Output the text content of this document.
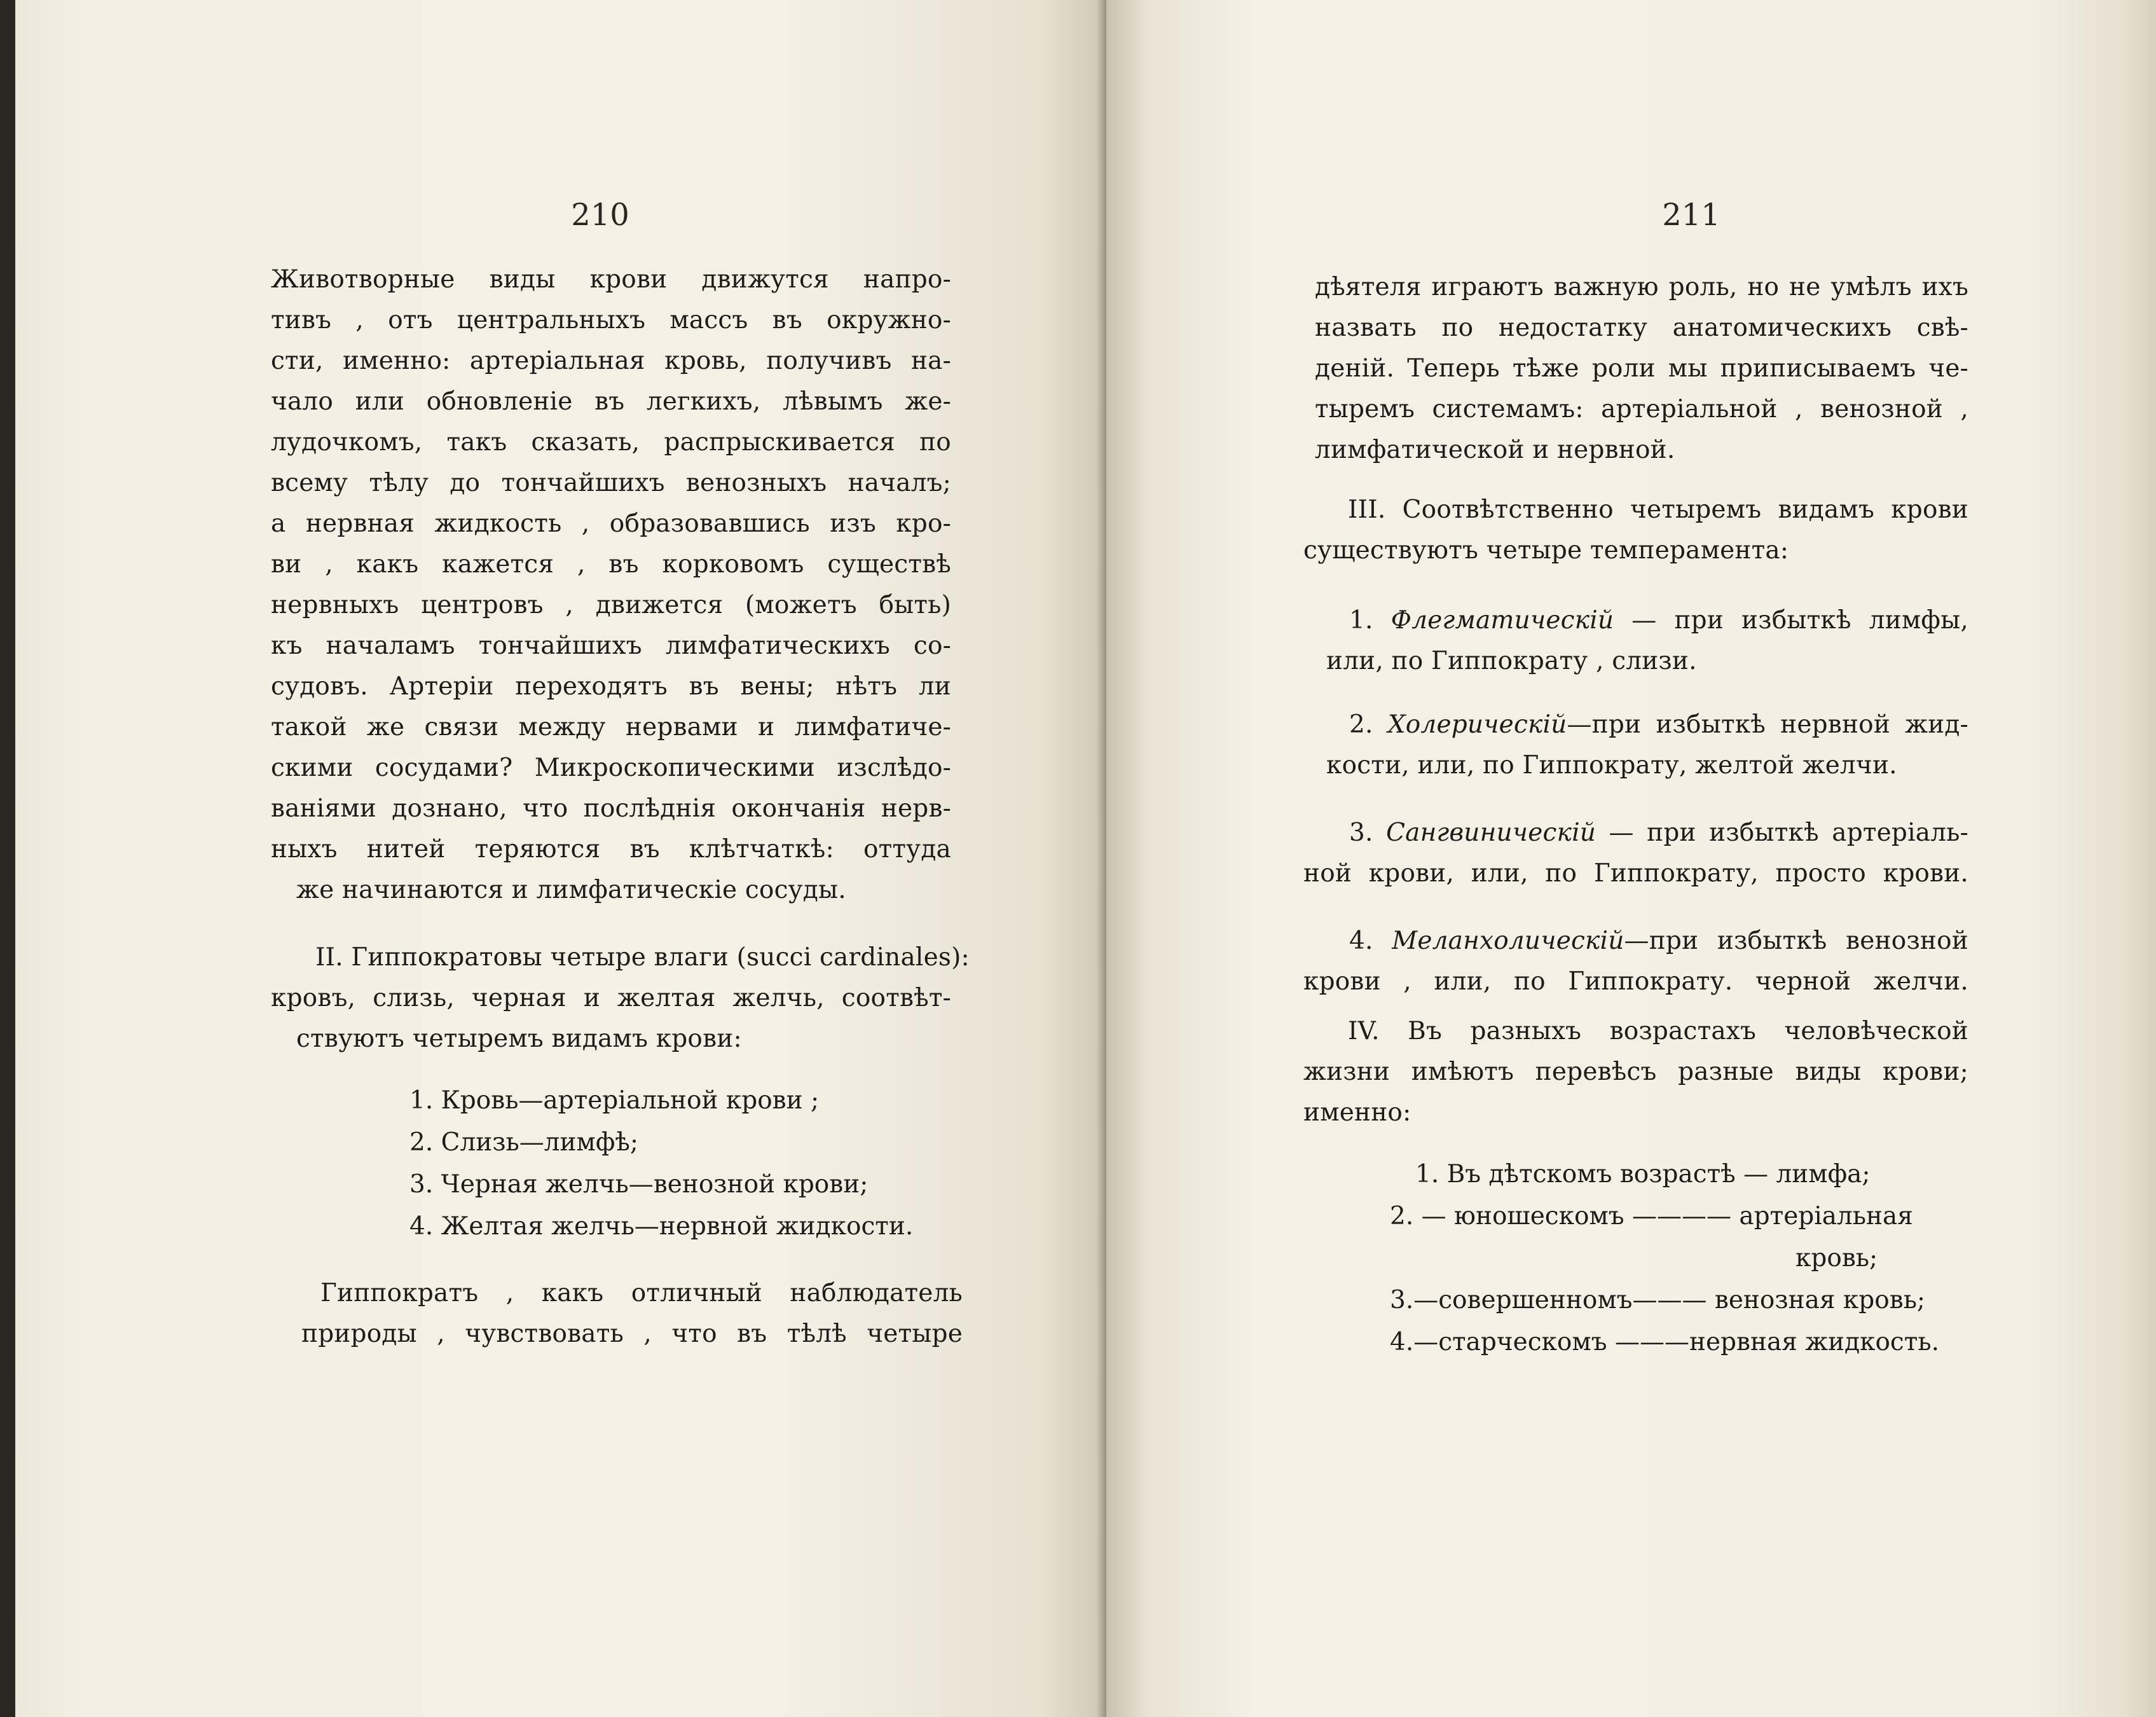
210
Животворные виды крови движутся напро-
тивъ , отъ центральныхъ массъ въ окружно-
сти, именно: артеріальная кровь, получивъ на-
чало или обновленіе въ легкихъ, лѣвымъ же-
лудочкомъ, такъ сказать, распрыскивается по
всему тѣлу до тончайшихъ венозныхъ началъ;
а нервная жидкость , образовавшись изъ кро-
ви , какъ кажется , въ корковомъ существѣ
нервныхъ центровъ , движется (можетъ быть)
къ началамъ тончайшихъ лимфатическихъ со-
судовъ. Артеріи переходятъ въ вены; нѣтъ ли
такой же связи между нервами и лимфатиче-
скими сосудами? Микроскопическими изслѣдо-
ваніями дознано, что послѣднія окончанія нерв-
ныхъ нитей теряются въ клѣтчаткѣ: оттуда
же начинаются и лимфатическіе сосуды.
II. Гиппократовы четыре влаги (succi cardinales):
кровъ, слизь, черная и желтая желчь, соотвѣт-
ствуютъ четыремъ видамъ крови:
1. Кровь—артеріальной крови ;
2. Слизь—лимфѣ;
3. Черная желчь—венозной крови;
4. Желтая желчь—нервной жидкости.
Гиппократъ , какъ отличный наблюдатель
природы , чувствовать , что въ тѣлѣ четыре
211
дѣятеля играютъ важную роль, но не умѣлъ ихъ
назвать по недостатку анатомическихъ свѣ-
деній. Теперь тѣже роли мы приписываемъ че-
тыремъ системамъ: артеріальной , венозной ,
лимфатической и нервной.
III. Соотвѣтственно четыремъ видамъ крови
существуютъ четыре темперамента:
1. Флегматическій — при избыткѣ лимфы,
или, по Гиппократу , слизи.
2. Холерическій—при избыткѣ нервной жид-
кости, или, по Гиппократу, желтой желчи.
3. Сангвиническій — при избыткѣ артеріаль-
ной крови, или, по Гиппократу, просто крови.
4. Меланхолическій—при избыткѣ венозной
крови , или, по Гиппократу. черной желчи.
IV. Въ разныхъ возрастахъ человѣческой
жизни имѣютъ перевѣсъ разные виды крови;
именно:
1. Въ дѣтскомъ возрастѣ — лимфа;
2. — юношескомъ ———— артеріальная
кровь;
3.—совершенномъ——— венозная кровь;
4.—старческомъ ———нервная жидкость.
